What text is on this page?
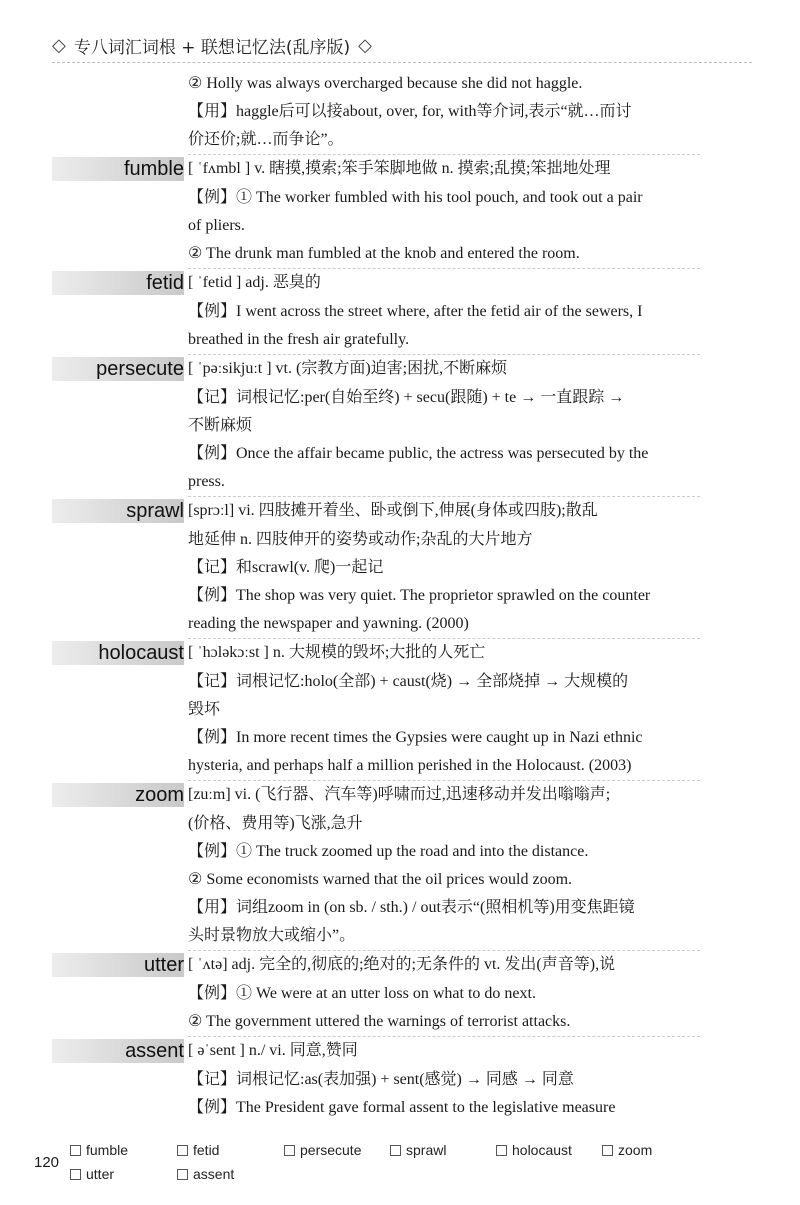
◇ 专八词汇词根 + 联想记忆法(乱序版) ◇
② Holly was always overcharged because she did not haggle.
【用】haggle后可以接about, over, for, with等介词,表示“就…而讨
价还价;就…而争论”。
fumble [ ˈfʌmbl ] v. 瞎摸,摸索;笨手笨脚地做 n. 摸索;乱摸;笨拙地处理
【例】① The worker fumbled with his tool pouch, and took out a pair
of pliers.
② The drunk man fumbled at the knob and entered the room.
fetid [ ˈfetid ] adj. 恶臭的
【例】I went across the street where, after the fetid air of the sewers, I
breathed in the fresh air gratefully.
persecute [ ˈpəːsikjuːt ] vt. (宗教方面)迫害;困扰,不断麻烦
【记】词根记忆:per(自始至终) + secu(跟随) + te → 一直跟踪 →
不断麻烦
【例】Once the affair became public, the actress was persecuted by the
press.
sprawl [sprɔːl] vi. 四肢摊开着坐、卧或倒下,伸展(身体或四肢);散乱
地延伸 n. 四肢伸开的姿势或动作;杂乱的大片地方
【记】和scrawl(v. 爬)一起记
【例】The shop was very quiet. The proprietor sprawled on the counter
reading the newspaper and yawning. (2000)
holocaust [ ˈhɔləkɔːst ] n. 大规模的毁坏;大批的人死亡
【记】词根记忆:holo(全部) + caust(烧) → 全部烧掉 → 大规模的
毁坏
【例】In more recent times the Gypsies were caught up in Nazi ethnic
hysteria, and perhaps half a million perished in the Holocaust. (2003)
zoom [zuːm] vi. (飞行器、汽车等)呼啸而过,迅速移动并发出嗡嗡声;
(价格、费用等)飞涨,急升
【例】① The truck zoomed up the road and into the distance.
② Some economists warned that the oil prices would zoom.
【用】词组zoom in (on sb. / sth.) / out表示“(照相机等)用变焦距镜
头时景物放大或缩小”。
utter [ ˈʌtə] adj. 完全的,彻底的;绝对的;无条件的 vt. 发出(声音等),说
【例】① We were at an utter loss on what to do next.
② The government uttered the warnings of terrorist attacks.
assent [ əˈsent ] n./ vi. 同意,赞同
【记】词根记忆:as(表加强) + sent(感觉) → 同感 → 同意
【例】The President gave formal assent to the legislative measure
120
fumble	fetid	persecute	sprawl	holocaust	zoom
utter	assent
